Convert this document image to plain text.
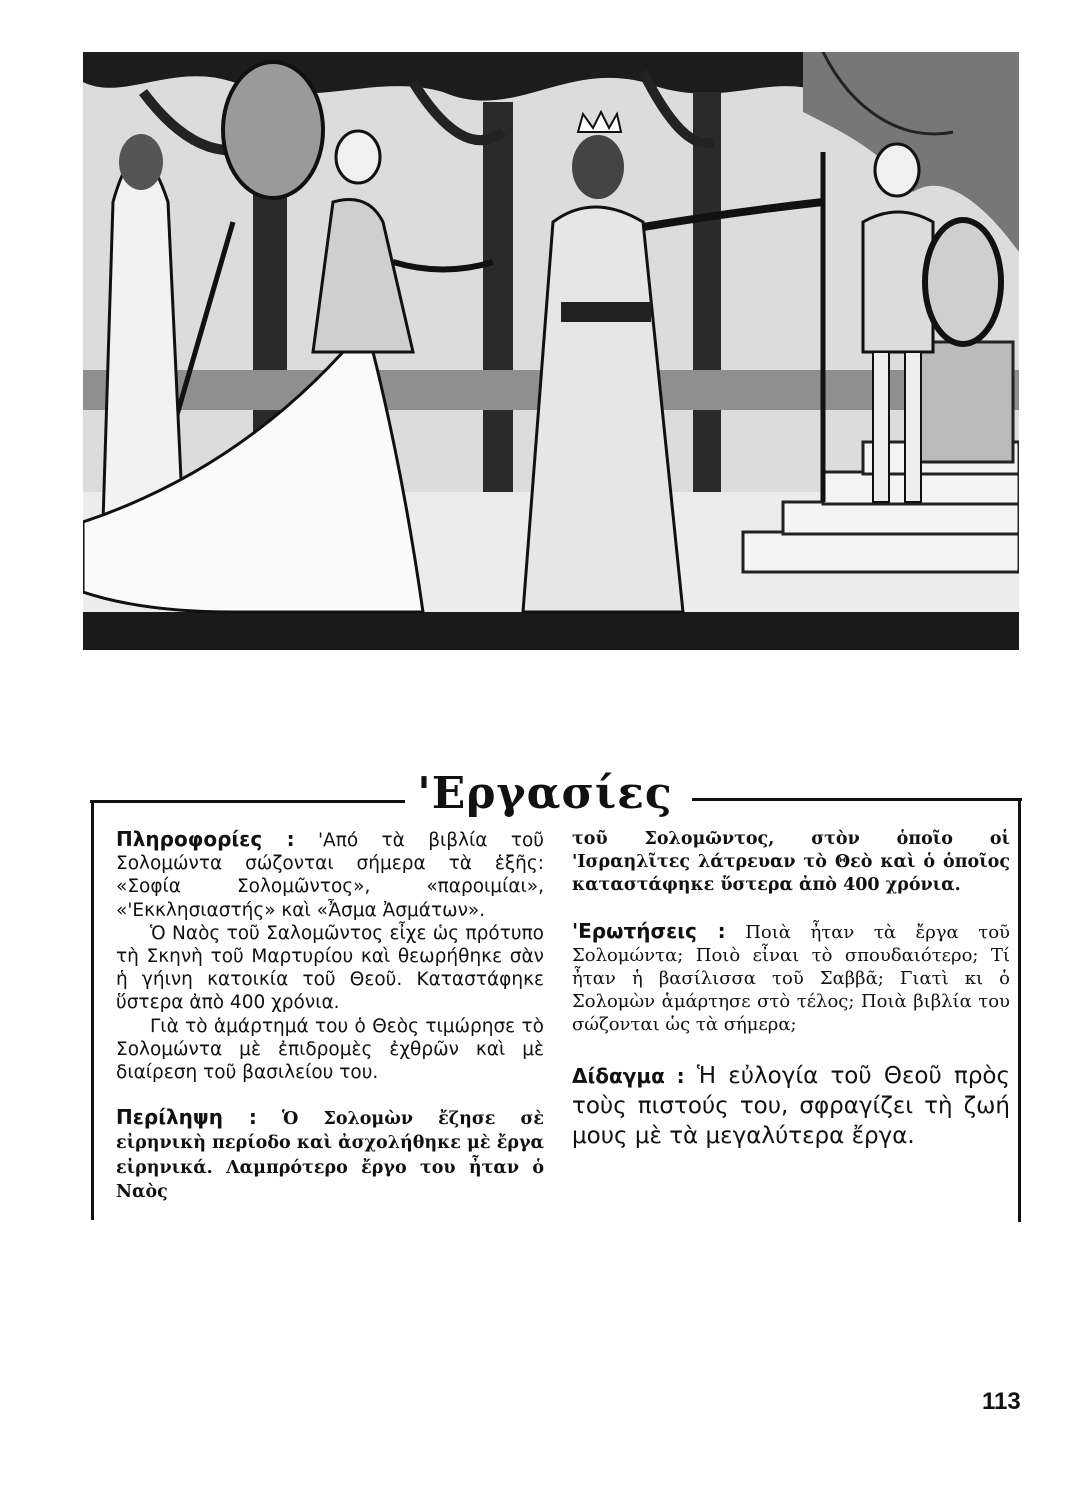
'Εργασίες

Πληροφορίες : 'Από τὰ βιβλία τοῦ Σολομώντα σώζονται σήμερα τὰ ἑξῆς: «Σοφία Σολομῶντος», «παροιμίαι», «'Εκκλησιαστής» καὶ «Ἆσμα Ἀσμάτων».

Ὁ Ναὸς τοῦ Σαλομῶντος εἶχε ὡς πρότυπο τὴ Σκηνὴ τοῦ Μαρτυρίου καὶ θεωρήθηκε σὰν ἡ γήινη κατοικία τοῦ Θεοῦ. Καταστάφηκε ὕστερα ἀπὸ 400 χρόνια.

Γιὰ τὸ ἁμάρτημά του ὁ Θεὸς τιμώρησε τὸ Σολομώντα μὲ ἐπιδρομὲς ἐχθρῶν καὶ μὲ διαίρεση τοῦ βασιλείου του.

Περίληψη : Ὁ Σολομὼν ἔζησε σὲ εἰρηνικὴ περίοδο καὶ ἀσχολήθηκε μὲ ἔργα εἰρηνικά. Λαμπρότερο ἔργο του ἦταν ὁ Ναὸς

τοῦ Σολομῶντος, στὸν ὁποῖο οἱ 'Ισραηλῖτες λάτρευαν τὸ Θεὸ καὶ ὁ ὁποῖος καταστάφηκε ὕστερα ἀπὸ 400 χρόνια.

'Ερωτήσεις : Ποιὰ ἦταν τὰ ἔργα τοῦ Σολομώντα; Ποιὸ εἶναι τὸ σπουδαιότερο; Τί ἦταν ἡ βασίλισσα τοῦ Σαββᾶ; Γιατὶ κι ὁ Σολομὼν ἁμάρτησε στὸ τέλος; Ποιὰ βιβλία του σώζονται ὡς τὰ σήμερα;

Δίδαγμα : Ἡ εὐλογία τοῦ Θεοῦ πρὸς τοὺς πιστούς του, σφραγίζει τὴ ζωή μους μὲ τὰ μεγαλύτερα ἔργα.

113
